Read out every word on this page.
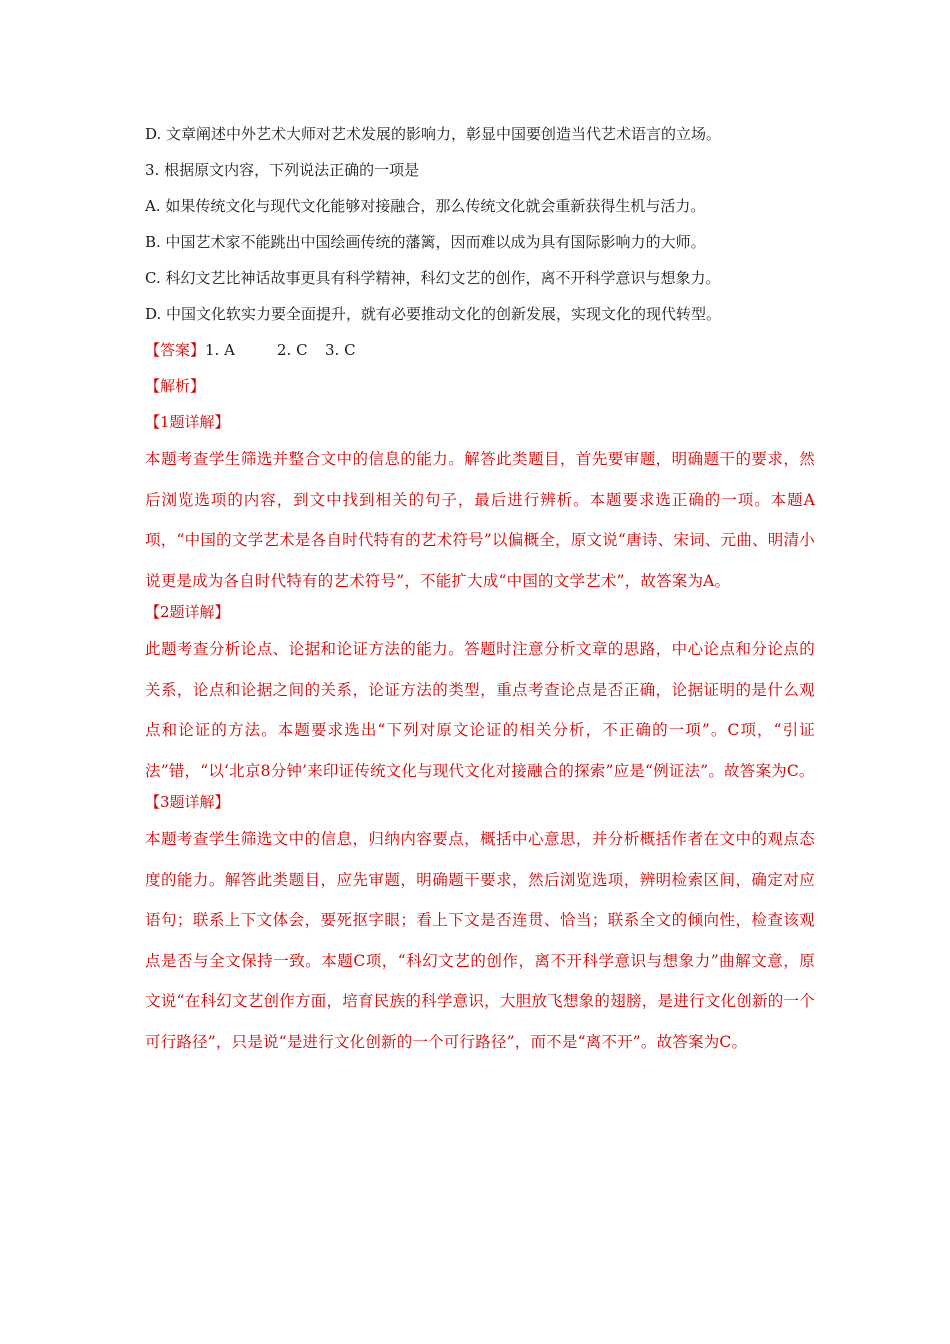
D. 文章阐述中外艺术大师对艺术发展的影响力，彰显中国要创造当代艺术语言的立场。

3. 根据原文内容，下列说法正确的一项是

A. 如果传统文化与现代文化能够对接融合，那么传统文化就会重新获得生机与活力。

B. 中国艺术家不能跳出中国绘画传统的藩篱，因而难以成为具有国际影响力的大师。

C. 科幻文艺比神话故事更具有科学精神，科幻文艺的创作，离不开科学意识与想象力。

D. 中国文化软实力要全面提升，就有必要推动文化的创新发展，实现文化的现代转型。

【答案】1. A	2. C 3. C

【解析】

【1题详解】

本题考查学生筛选并整合文中的信息的能力。解答此类题目，首先要审题，明确题干的要求，然后浏览选项的内容，到文中找到相关的句子，最后进行辨析。本题要求选正确的一项。本题A项，“中国的文学艺术是各自时代特有的艺术符号”以偏概全，原文说“唐诗、宋词、元曲、明清小说更是成为各自时代特有的艺术符号”，不能扩大成“中国的文学艺术”，故答案为A。

【2题详解】

此题考查分析论点、论据和论证方法的能力。答题时注意分析文章的思路，中心论点和分论点的关系，论点和论据之间的关系，论证方法的类型，重点考查论点是否正确，论据证明的是什么观点和论证的方法。本题要求选出“下列对原文论证的相关分析，不正确的一项”。C项，“引证法”错，“以‘北京8分钟’来印证传统文化与现代文化对接融合的探索”应是“例证法”。故答案为C。

【3题详解】

本题考查学生筛选文中的信息，归纳内容要点，概括中心意思，并分析概括作者在文中的观点态度的能力。解答此类题目，应先审题，明确题干要求，然后浏览选项，辨明检索区间，确定对应语句；联系上下文体会，要死抠字眼；看上下文是否连贯、恰当；联系全文的倾向性，检查该观点是否与全文保持一致。本题C项，“科幻文艺的创作，离不开科学意识与想象力”曲解文意，原文说“在科幻文艺创作方面，培育民族的科学意识，大胆放飞想象的翅膀，是进行文化创新的一个可行路径”，只是说“是进行文化创新的一个可行路径”，而不是“离不开”。故答案为C。
